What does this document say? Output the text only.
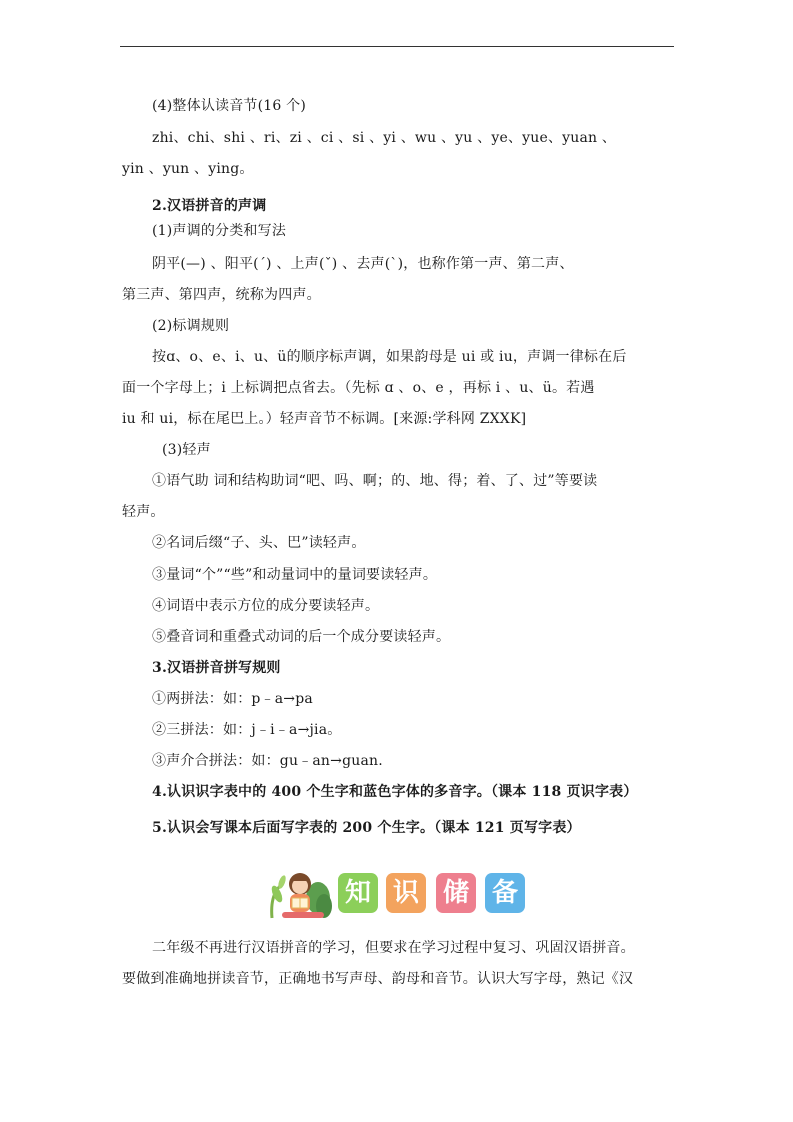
(4)整体认读音节(16 个)
zhi、chi、shi 、ri、zi 、ci 、si 、yi 、wu 、yu 、ye、yue、yuan 、
yin 、yun 、ying。
2.汉语拼音的声调
(1)声调的分类和写法
阴平(—) 、阳平(ˊ) 、上声(ˇ) 、去声(ˋ)，也称作第一声、第二声、
第三声、第四声，统称为四声。
(2)标调规则
按ɑ、o、e、i、u、ü的顺序标声调，如果韵母是 ui 或 iu，声调一律标在后
面一个字母上；i 上标调把点省去。（先标 ɑ 、o、e ，再标 i 、u、ü。若遇
iu 和 ui，标在尾巴上。）轻声音节不标调。[来源:学科网 ZXXK]
(3)轻声
①语气助 词和结构助词“吧、吗、啊；的、地、得；着、了、过”等要读
轻声。
②名词后缀“子、头、巴”读轻声。
③量词“个”“些”和动量词中的量词要读轻声。
④词语中表示方位的成分要读轻声。
⑤叠音词和重叠式动词的后一个成分要读轻声。
3.汉语拼音拼写规则
①两拼法：如：p﹣a→pa
②三拼法：如：j﹣i﹣a→jia。
③声介合拼法：如：gu﹣an→guan.
4.认识识字表中的 400 个生字和蓝色字体的多音字。（课本 118 页识字表）
5.认识会写课本后面写字表的 200 个生字。（课本 121 页写字表）
知 识 储 备
二年级不再进行汉语拼音的学习，但要求在学习过程中复习、巩固汉语拼音。
要做到准确地拼读音节，正确地书写声母、韵母和音节。认识大写字母，熟记《汉
